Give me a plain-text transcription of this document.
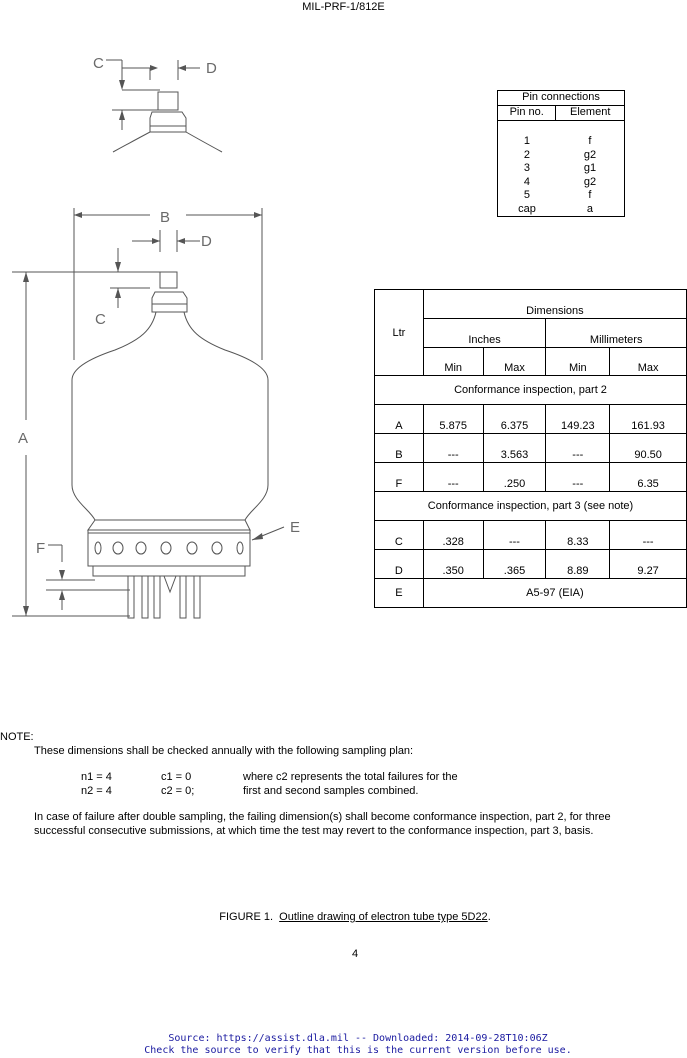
MIL-PRF-1/812E
C	D
B
D
C
A
F
E
Pin connections	
Pin no.	Element

1	f
2	g2
3	g1
4	g2
5	f
cap	a
Ltr	Dimensions			
	Inches		Millimeters	
	Min	Max	Min	Max
Conformance inspection, part 2				
A	5.875	6.375	149.23	161.93
B	---	3.563	---	90.50
F	---	.250	---	6.35
Conformance inspection, part 3 (see note)				
C	.328	---	8.33	---
D	.350	.365	8.89	9.27
E	A5-97 (EIA)			
NOTE:
These dimensions shall be checked annually with the following sampling plan:
n1 = 4	c1 = 0	where c2 represents the total failures for the
n2 = 4	c2 = 0;	first and second samples combined.
In case of failure after double sampling, the failing dimension(s) shall become conformance inspection, part 2, for three
successful consecutive submissions, at which time the test may revert to the conformance inspection, part 3, basis.
FIGURE 1. Outline drawing of electron tube type 5D22.
4
Source: https://assist.dla.mil -- Downloaded: 2014-09-28T10:06Z
Check the source to verify that this is the current version before use.
